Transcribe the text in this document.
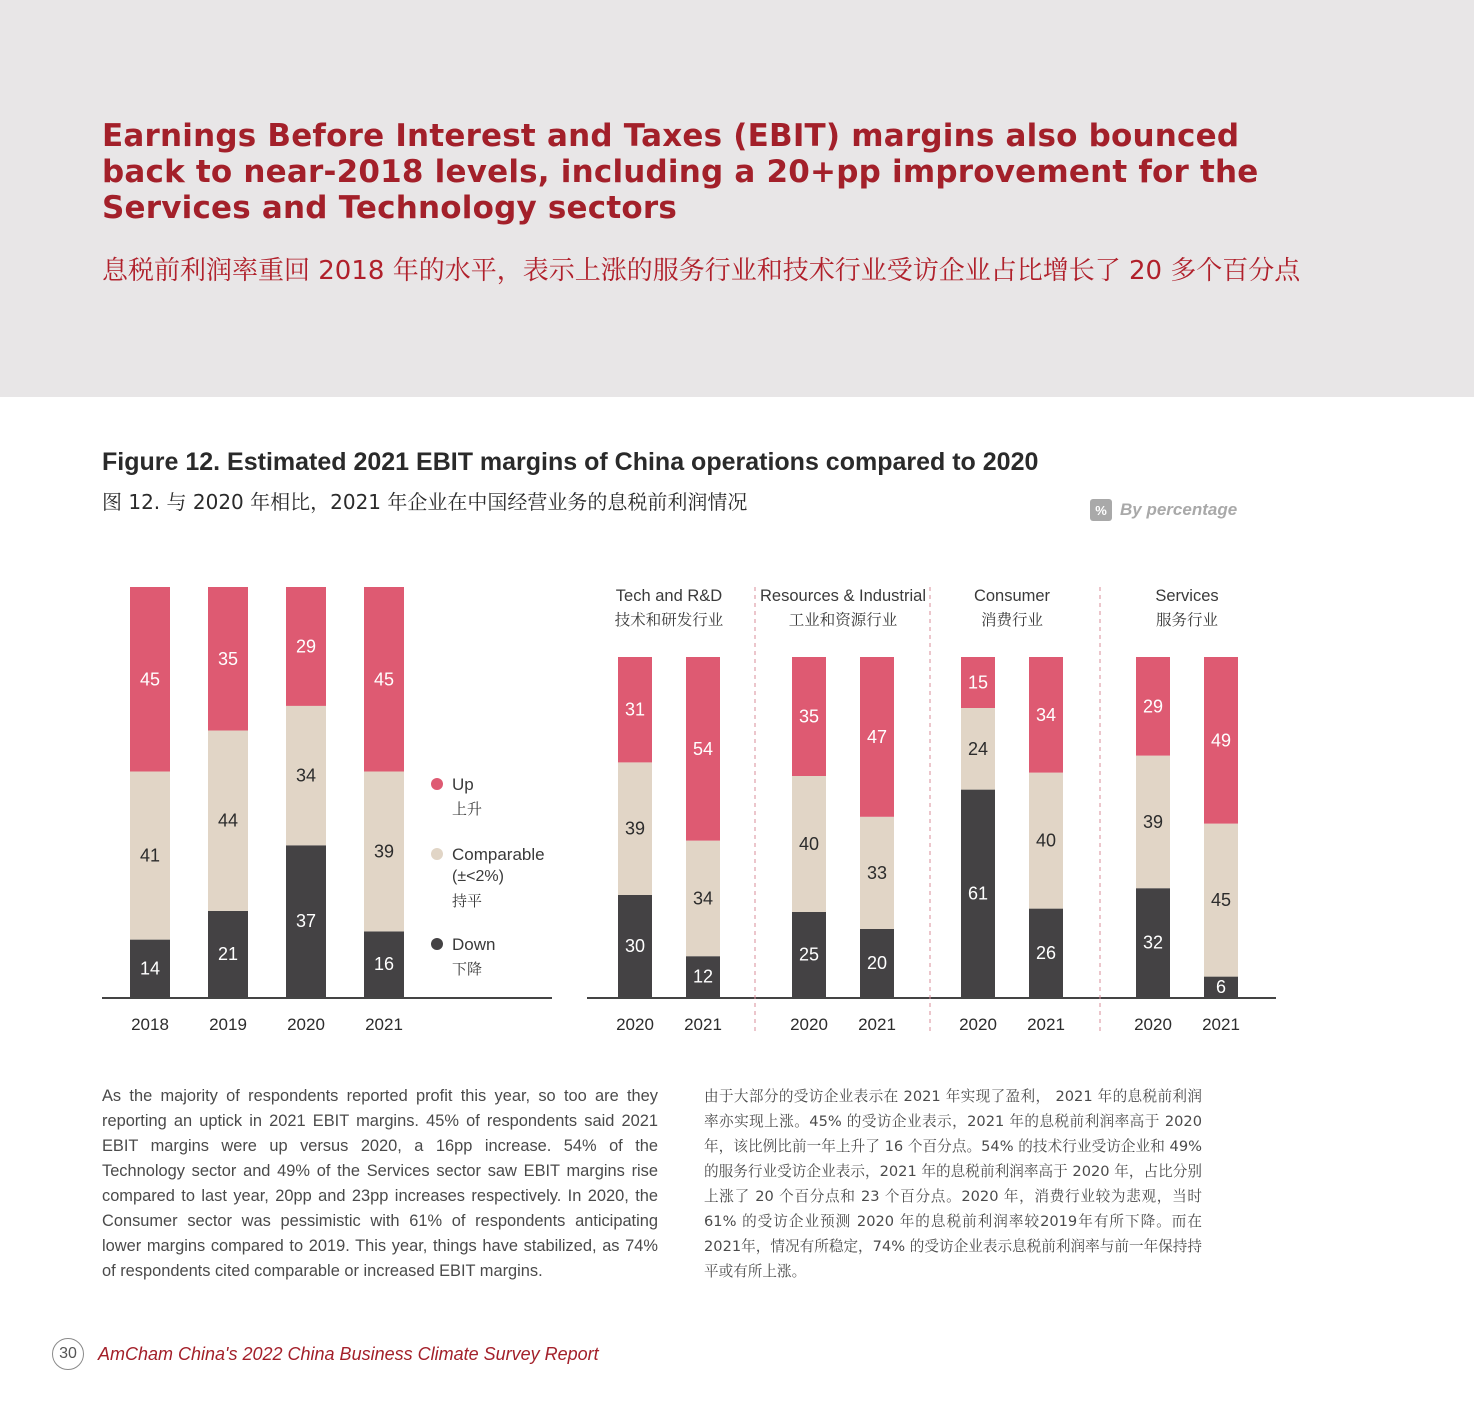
Earnings Before Interest and Taxes (EBIT) margins also bounced back to near-2018 levels, including a 20+pp improvement for the Services and Technology sectors

息税前利润率重回 2018 年的水平，表示上涨的服务行业和技术行业受访企业占比增长了 20 多个百分点

Figure 12. Estimated 2021 EBIT margins of China operations compared to 2020

图 12. 与 2020 年相比，2021 年企业在中国经营业务的息税前利润情况	% By percentage
14
41
45
2018
21
44
35
2019
37
34
29
2020
16
39
45
2021
Up
上升
Comparable
(±<2%)
持平
Down
下降
Tech and R&D
技术和研发行业
30
39
31
2020
12
34
54
2021
Resources & Industrial
工业和资源行业
25
40
35
2020
20
33
47
2021
Consumer
消费行业
61
24
15
2020
26
40
34
2021
Services
服务行业
32
39
29
2020
6
45
49
2021

As the majority of respondents reported profit this year, so too are they reporting an uptick in 2021 EBIT margins. 45% of respondents said 2021 EBIT margins were up versus 2020, a 16pp increase. 54% of the Technology sector and 49% of the Services sector saw EBIT margins rise compared to last year, 20pp and 23pp increases respectively. In 2020, the Consumer sector was pessimistic with 61% of respondents anticipating lower margins compared to 2019. This year, things have stabilized, as 74% of respondents cited comparable or increased EBIT margins.

由于大部分的受访企业表示在 2021 年实现了盈利， 2021 年的息税前利润率亦实现上涨。45% 的受访企业表示，2021 年的息税前利润率高于 2020 年，该比例比前一年上升了 16 个百分点。54% 的技术行业受访企业和 49% 的服务行业受访企业表示，2021 年的息税前利润率高于 2020 年，占比分别上涨了 20 个百分点和 23 个百分点。2020 年，消费行业较为悲观，当时 61% 的受访企业预测 2020 年的息税前利润率较2019年有所下降。而在2021年，情况有所稳定，74% 的受访企业表示息税前利润率与前一年保持持平或有所上涨。

30	AmCham China's 2022 China Business Climate Survey Report
